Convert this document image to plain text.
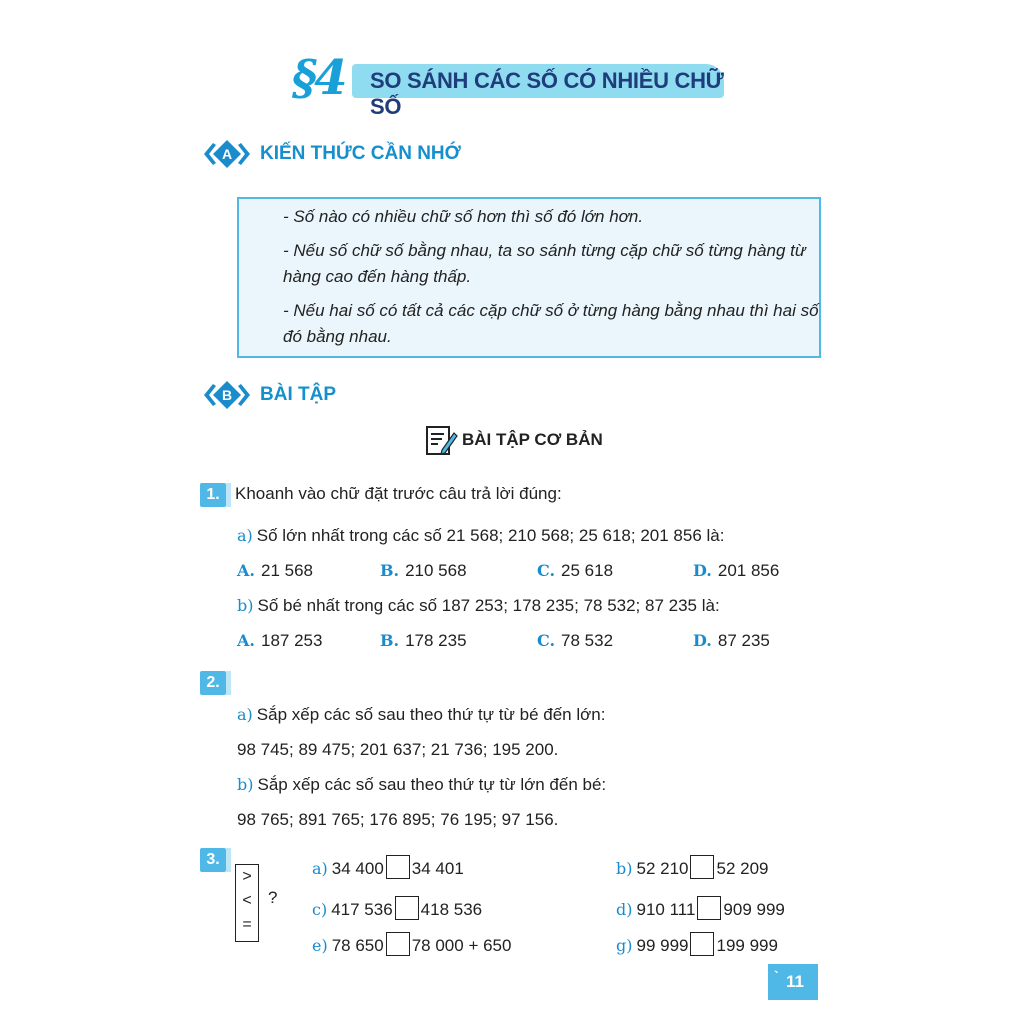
§4 SO SÁNH CÁC SỐ CÓ NHIỀU CHỮ SỐ
A KIẾN THỨC CẦN NHỚ
- Số nào có nhiều chữ số hơn thì số đó lớn hơn.
- Nếu số chữ số bằng nhau, ta so sánh từng cặp chữ số từng hàng từ
hàng cao đến hàng thấp.
- Nếu hai số có tất cả các cặp chữ số ở từng hàng bằng nhau thì hai số
đó bằng nhau.
B BÀI TẬP
BÀI TẬP CƠ BẢN
1. Khoanh vào chữ đặt trước câu trả lời đúng:
a) Số lớn nhất trong các số 21 568; 210 568; 25 618; 201 856 là:
A. 21 568	B. 210 568	C. 25 618	D. 201 856
b) Số bé nhất trong các số 187 253; 178 235; 78 532; 87 235 là:
A. 187 253	B. 178 235	C. 78 532	D. 87 235
2.
a) Sắp xếp các số sau theo thứ tự từ bé đến lớn:
98 745; 89 475; 201 637; 21 736; 195 200.
b) Sắp xếp các số sau theo thứ tự từ lớn đến bé:
98 765; 891 765; 176 895; 76 195; 97 156.
3.
>
<
=
?
a) 34 400 34 401	b) 52 210 52 209
c) 417 536 418 536	d) 910 111 909 999
e) 78 650 78 000 + 650	g) 99 999 199 999
` 11
